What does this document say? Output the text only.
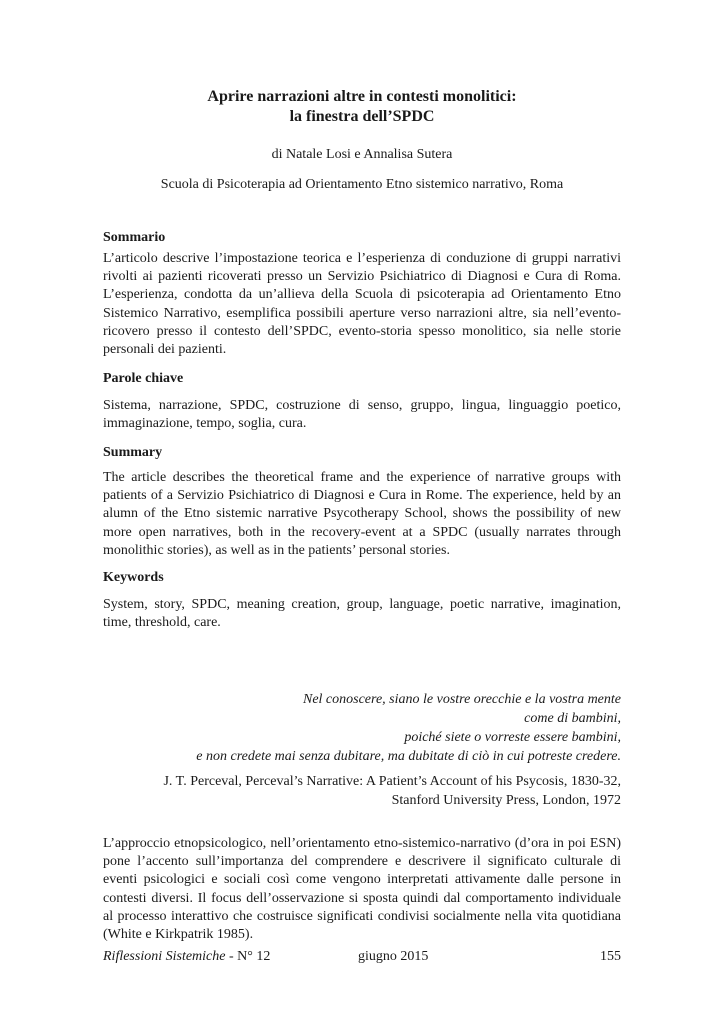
Aprire narrazioni altre in contesti monolitici:
la finestra dell’SPDC

di Natale Losi e Annalisa Sutera

Scuola di Psicoterapia ad Orientamento Etno sistemico narrativo, Roma

Sommario

L’articolo descrive l’impostazione teorica e l’esperienza di conduzione di gruppi narrativi rivolti ai pazienti ricoverati presso un Servizio Psichiatrico di Diagnosi e Cura di Roma. L’esperienza, condotta da un’allieva della Scuola di psicoterapia ad Orientamento Etno Sistemico Narrativo, esemplifica possibili aperture verso narrazioni altre, sia nell’evento-ricovero presso il contesto dell’SPDC, evento-storia spesso monolitico, sia nelle storie personali dei pazienti.

Parole chiave

Sistema, narrazione, SPDC, costruzione di senso, gruppo, lingua, linguaggio poetico, immaginazione, tempo, soglia, cura.

Summary

The article describes the theoretical frame and the experience of narrative groups with patients of a Servizio Psichiatrico di Diagnosi e Cura in Rome. The experience, held by an alumn of the Etno sistemic narrative Psycotherapy School, shows the possibility of new more open narratives, both in the recovery-event at a SPDC (usually narrates through monolithic stories), as well as in the patients’ personal stories.

Keywords

System, story, SPDC, meaning creation, group, language, poetic narrative, imagination, time, threshold, care.

Nel conoscere, siano le vostre orecchie e la vostra mente
come di bambini,
poiché siete o vorreste essere bambini,
e non credete mai senza dubitare, ma dubitate di ciò in cui potreste credere.
J. T. Perceval, Perceval’s Narrative: A Patient’s Account of his Psycosis, 1830-32,
Stanford University Press, London, 1972

L’approccio etnopsicologico, nell’orientamento etno-sistemico-narrativo (d’ora in poi ESN) pone l’accento sull’importanza del comprendere e descrivere il significato culturale di eventi psicologici e sociali così come vengono interpretati attivamente dalle persone in contesti diversi. Il focus dell’osservazione si sposta quindi dal comportamento individuale al processo interattivo che costruisce significati condivisi socialmente nella vita quotidiana (White e Kirkpatrik 1985).

Riflessioni Sistemiche - N° 12	giugno 2015	155
